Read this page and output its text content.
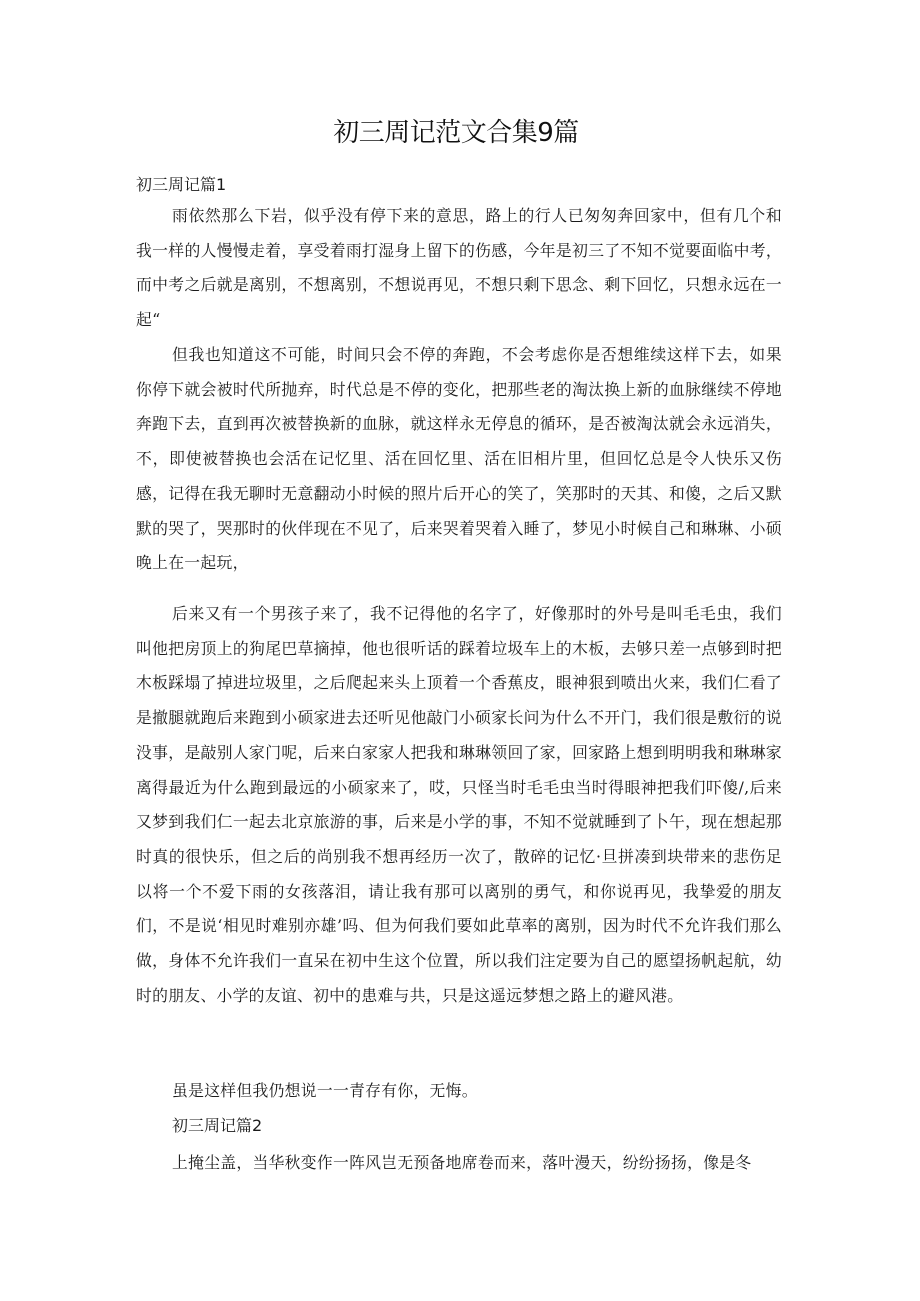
初三周记范文合集9篇
初三周记篇1

雨依然那么下岩，似乎没有停下来的意思，路上的行人已匆匆奔回家中，但有几个和我一样的人慢慢走着，享受着雨打湿身上留下的伤感，今年是初三了不知不觉要面临中考，而中考之后就是离别，不想离别，不想说再见，不想只剩下思念、剩下回忆，只想永远在一起“

但我也知道这不可能，时间只会不停的奔跑，不会考虑你是否想维续这样下去，如果你停下就会被时代所抛弃，时代总是不停的变化，把那些老的淘汰换上新的血脉继续不停地奔跑下去，直到再次被替换新的血脉，就这样永无停息的循环，是否被淘汰就会永远消失，不，即使被替换也会活在记忆里、活在回忆里、活在旧相片里，但回忆总是令人快乐又伤感，记得在我无聊时无意翻动小时候的照片后开心的笑了，笑那时的天其、和傻，之后又默默的哭了，哭那时的伙伴现在不见了，后来哭着哭着入睡了，梦见小时候自己和琳琳、小硕晚上在一起玩，

后来又有一个男孩子来了，我不记得他的名字了，好像那时的外号是叫毛毛虫，我们叫他把房顶上的狗尾巴草摘掉，他也很听话的踩着垃圾车上的木板，去够只差一点够到时把木板踩塌了掉进垃圾里，之后爬起来头上顶着一个香蕉皮，眼神狠到喷出火来，我们仁看了是撤腿就跑后来跑到小硕家进去还听见他敲门小硕家长问为什么不开门，我们很是敷衍的说没事，是敲别人家门呢，后来白家家人把我和琳琳领回了家，回家路上想到明明我和琳琳家离得最近为什么跑到最远的小硕家来了，哎，只怪当时毛毛虫当时得眼神把我们吓傻/,后来又梦到我们仁一起去北京旅游的事，后来是小学的事，不知不觉就睡到了卜午，现在想起那时真的很快乐，但之后的尚别我不想再经历一次了，散碎的记忆·旦拼凑到块带来的悲伤足以将一个不爱下雨的女孩落泪，请让我有那可以离别的勇气，和你说再见，我挚爱的朋友们，不是说‘相见时难别亦雄’吗、但为何我们要如此草率的离别，因为时代不允许我们那么做，身体不允许我们一直呆在初中生这个位置，所以我们注定要为自己的愿望扬帆起航，幼时的朋友、小学的友谊、初中的患难与共，只是这遥远梦想之路上的避风港。

虽是这样但我仍想说一一青存有你，无悔。

初三周记篇2

上掩尘盖，当华秋变作一阵风岂无预备地席卷而来，落叶漫天，纷纷扬扬，像是冬
